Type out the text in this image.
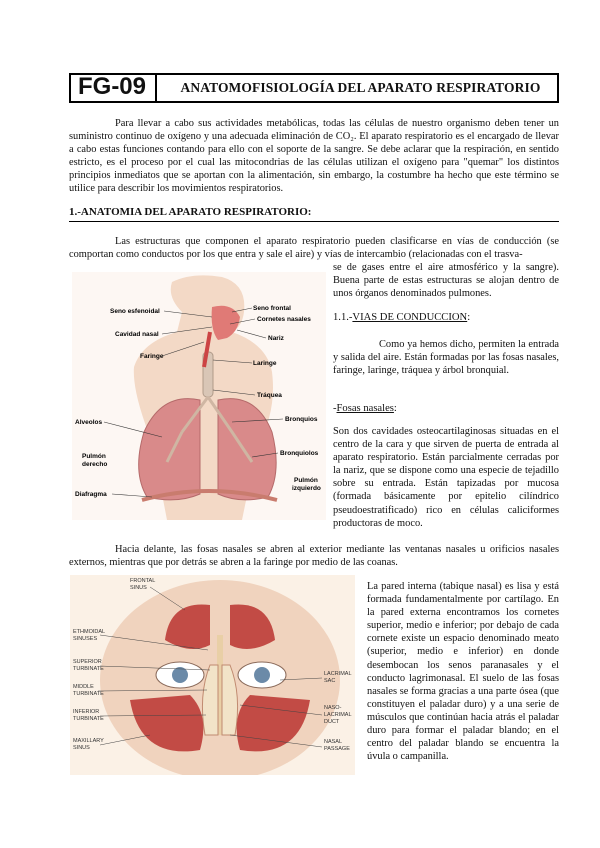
FG-09	ANATOMOFISIOLOGÍA DEL APARATO RESPIRATORIO
Para llevar a cabo sus actividades metabólicas, todas las células de nuestro organismo deben tener un suministro continuo de oxígeno y una adecuada eliminación de CO₂. El aparato respiratorio es el encargado de llevar a cabo estas funciones contando para ello con el soporte de la sangre. Se debe aclarar que la respiración, en sentido estricto, es el proceso por el cual las mitocondrias de las células utilizan el oxígeno para "quemar" los distintos principios inmediatos que se aportan con la alimentación, sin embargo, la costumbre ha hecho que este término se utilice para describir los movimientos respiratorios.
1.-ANATOMIA DEL APARATO RESPIRATORIO:
Las estructuras que componen el aparato respiratorio pueden clasificarse en vías de conducción (se comportan como conductos por los que entra y sale el aire) y vías de intercambio (relacionadas con el trasva-
se de gases entre el aire atmosférico y la sangre). Buena parte de estas estructuras se alojan dentro de unos órganos denominados pulmones.
Seno esfenoidal
Cavidad nasal
Faringe
Seno frontal
Cornetes nasales
Nariz
Laringe
Tráquea
Alveolos	Bronquios
Bronquiolos
Pulmón
derecho
Pulmón
izquierdo
Diafragma
1.1.-VIAS DE CONDUCCION:
Como ya hemos dicho, permiten la entrada y salida del aire. Están formadas por las fosas nasales, faringe, laringe, tráquea y árbol bronquial.
-Fosas nasales:
Son dos cavidades osteocartilaginosas situadas en el centro de la cara y que sirven de puerta de entrada al aparato respiratorio. Están parcialmente cerradas por la nariz, que se dispone como una especie de tejadillo sobre su entrada. Están tapizadas por mucosa (formada básicamente por epitelio cilíndrico pseudoestratificado) rico en células caliciformes productoras de moco.
Hacia delante, las fosas nasales se abren al exterior mediante las ventanas nasales u orificios nasales externos, mientras que por detrás se abren a la faringe por medio de las coanas.
FRONTAL
SINUS
ETHMOIDAL
SINUSES
SUPERIOR
TURBINATE
MIDDLE
TURBINATE
INFERIOR
TURBINATE
MAXILLARY
SINUS
LACRIMAL
SAC
NASO-
LACRIMAL
DUCT
NASAL
PASSAGE
La pared interna (tabique nasal) es lisa y está formada fundamentalmente por cartílago. En la pared externa encontramos los cornetes superior, medio e inferior; por debajo de cada cornete existe un espacio denominado meato (superior, medio e inferior) en donde desembocan los senos paranasales y el conducto lagrimonasal. El suelo de las fosas nasales se forma gracias a una parte ósea (que constituyen el paladar duro) y a una serie de músculos que continúan hacia atrás el paladar duro para formar el paladar blando; en el centro del paladar blando se encuentra la úvula o campanilla.
